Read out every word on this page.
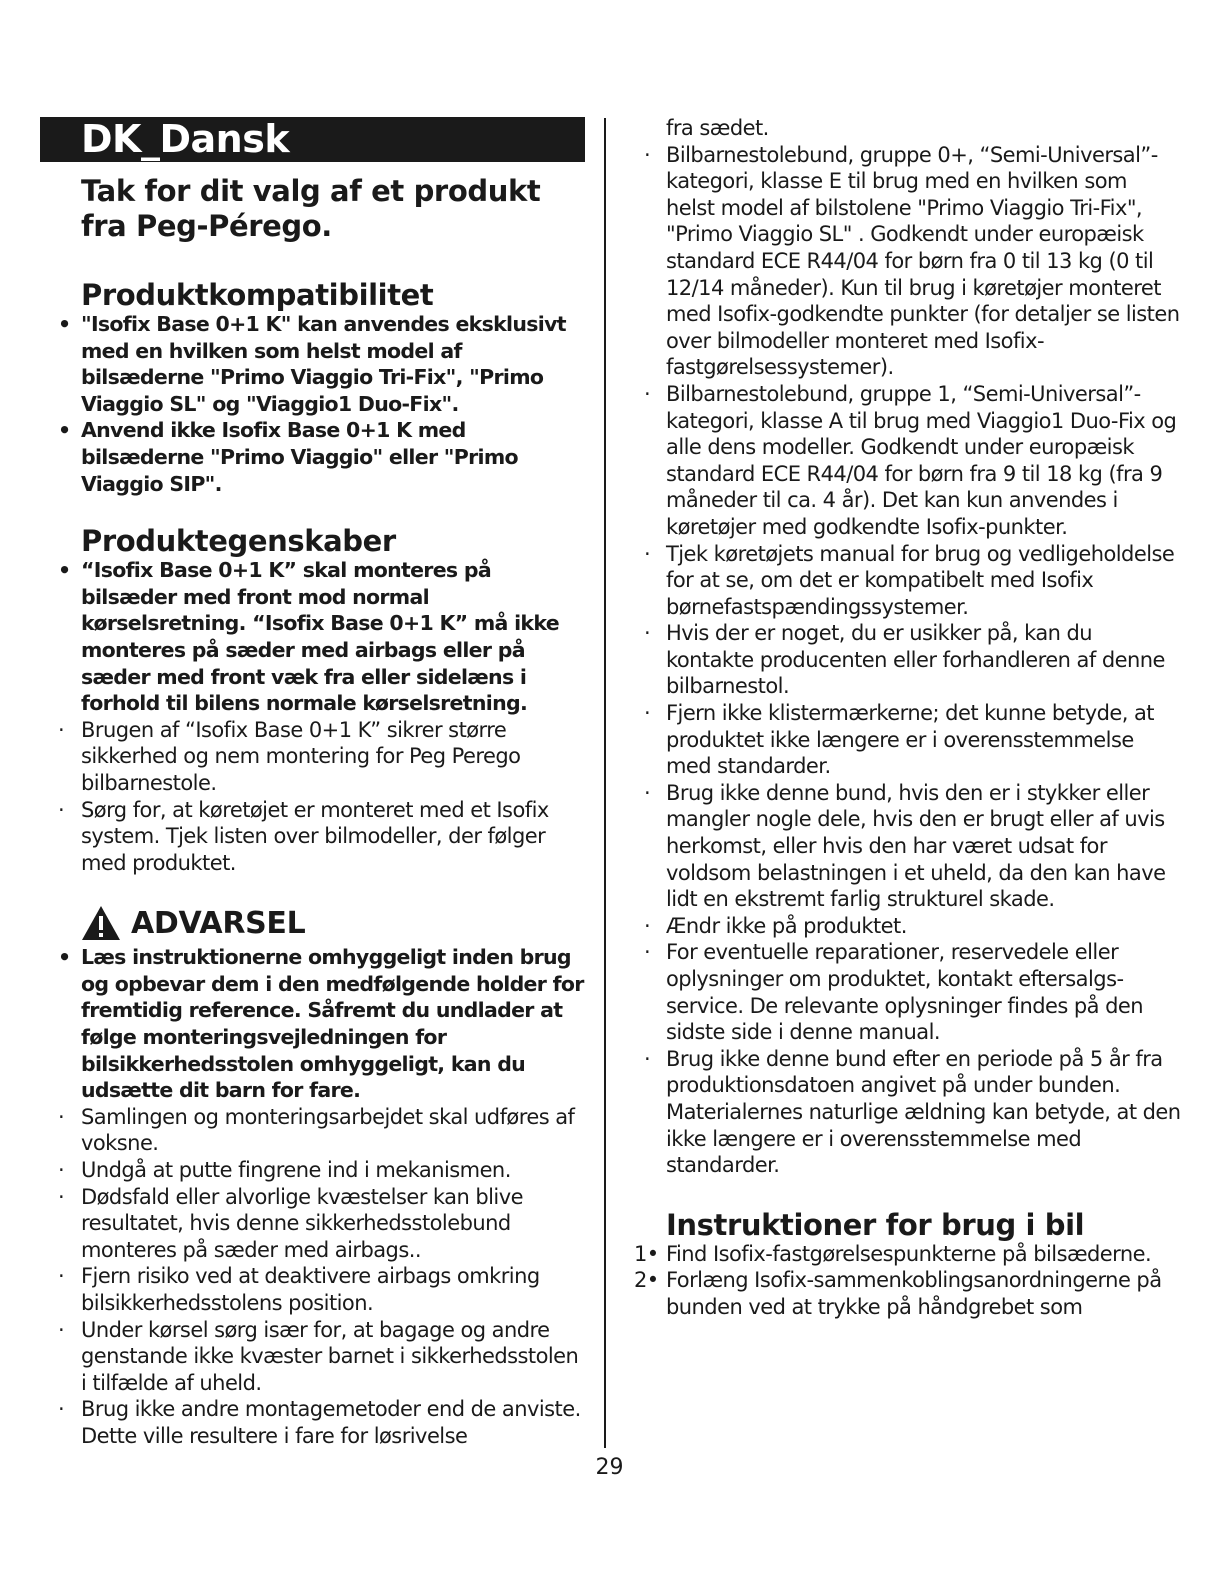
DK_Dansk
Tak for dit valg af et produkt
fra Peg-Pérego.
Produktkompatibilitet
• "Isofix Base 0+1 K" kan anvendes eksklusivt med en hvilken som helst model af bilsæderne "Primo Viaggio Tri-Fix", "Primo Viaggio SL" og "Viaggio1 Duo-Fix".
• Anvend ikke Isofix Base 0+1 K med bilsæderne "Primo Viaggio" eller "Primo Viaggio SIP".
Produktegenskaber
• “Isofix Base 0+1 K” skal monteres på bilsæder med front mod normal kørselsretning. “Isofix Base 0+1 K” må ikke monteres på sæder med airbags eller på sæder med front væk fra eller sidelæns i forhold til bilens normale kørselsretning.
· Brugen af “Isofix Base 0+1 K” sikrer større sikkerhed og nem montering for Peg Perego bilbarnestole.
· Sørg for, at køretøjet er monteret med et Isofix system. Tjek listen over bilmodeller, der følger med produktet.
ADVARSEL
• Læs instruktionerne omhyggeligt inden brug og opbevar dem i den medfølgende holder for fremtidig reference. Såfremt du undlader at følge monteringsvejledningen for bilsikkerhedsstolen omhyggeligt, kan du udsætte dit barn for fare.
· Samlingen og monteringsarbejdet skal udføres af voksne.
· Undgå at putte fingrene ind i mekanismen.
· Dødsfald eller alvorlige kvæstelser kan blive resultatet, hvis denne sikkerhedsstolebund monteres på sæder med airbags..
· Fjern risiko ved at deaktivere airbags omkring bilsikkerhedsstolens position.
· Under kørsel sørg især for, at bagage og andre genstande ikke kvæster barnet i sikkerhedsstolen i tilfælde af uheld.
· Brug ikke andre montagemetoder end de anviste. Dette ville resultere i fare for løsrivelse
fra sædet.
· Bilbarnestolebund, gruppe 0+, “Semi-Universal”-kategori, klasse E til brug med en hvilken som helst model af bilstolene "Primo Viaggio Tri-Fix", "Primo Viaggio SL" . Godkendt under europæisk standard ECE R44/04 for børn fra 0 til 13 kg (0 til 12/14 måneder). Kun til brug i køretøjer monteret med Isofix-godkendte punkter (for detaljer se listen over bilmodeller monteret med Isofix-fastgørelsessystemer).
· Bilbarnestolebund, gruppe 1, “Semi-Universal”-kategori, klasse A til brug med Viaggio1 Duo-Fix og alle dens modeller. Godkendt under europæisk standard ECE R44/04 for børn fra 9 til 18 kg (fra 9 måneder til ca. 4 år). Det kan kun anvendes i køretøjer med godkendte Isofix-punkter.
· Tjek køretøjets manual for brug og vedligeholdelse for at se, om det er kompatibelt med Isofix børnefastspændingssystemer.
· Hvis der er noget, du er usikker på, kan du kontakte producenten eller forhandleren af denne bilbarnestol.
· Fjern ikke klistermærkerne; det kunne betyde, at produktet ikke længere er i overensstemmelse med standarder.
· Brug ikke denne bund, hvis den er i stykker eller mangler nogle dele, hvis den er brugt eller af uvis herkomst, eller hvis den har været udsat for voldsom belastningen i et uheld, da den kan have lidt en ekstremt farlig strukturel skade.
· Ændr ikke på produktet.
· For eventuelle reparationer, reservedele eller oplysninger om produktet, kontakt eftersalgs-service. De relevante oplysninger findes på den sidste side i denne manual.
· Brug ikke denne bund efter en periode på 5 år fra produktionsdatoen angivet på under bunden. Materialernes naturlige ældning kan betyde, at den ikke længere er i overensstemmelse med standarder.
Instruktioner for brug i bil
1• Find Isofix-fastgørelsespunkterne på bilsæderne.
2• Forlæng Isofix-sammenkoblingsanordningerne på bunden ved at trykke på håndgrebet som
29
